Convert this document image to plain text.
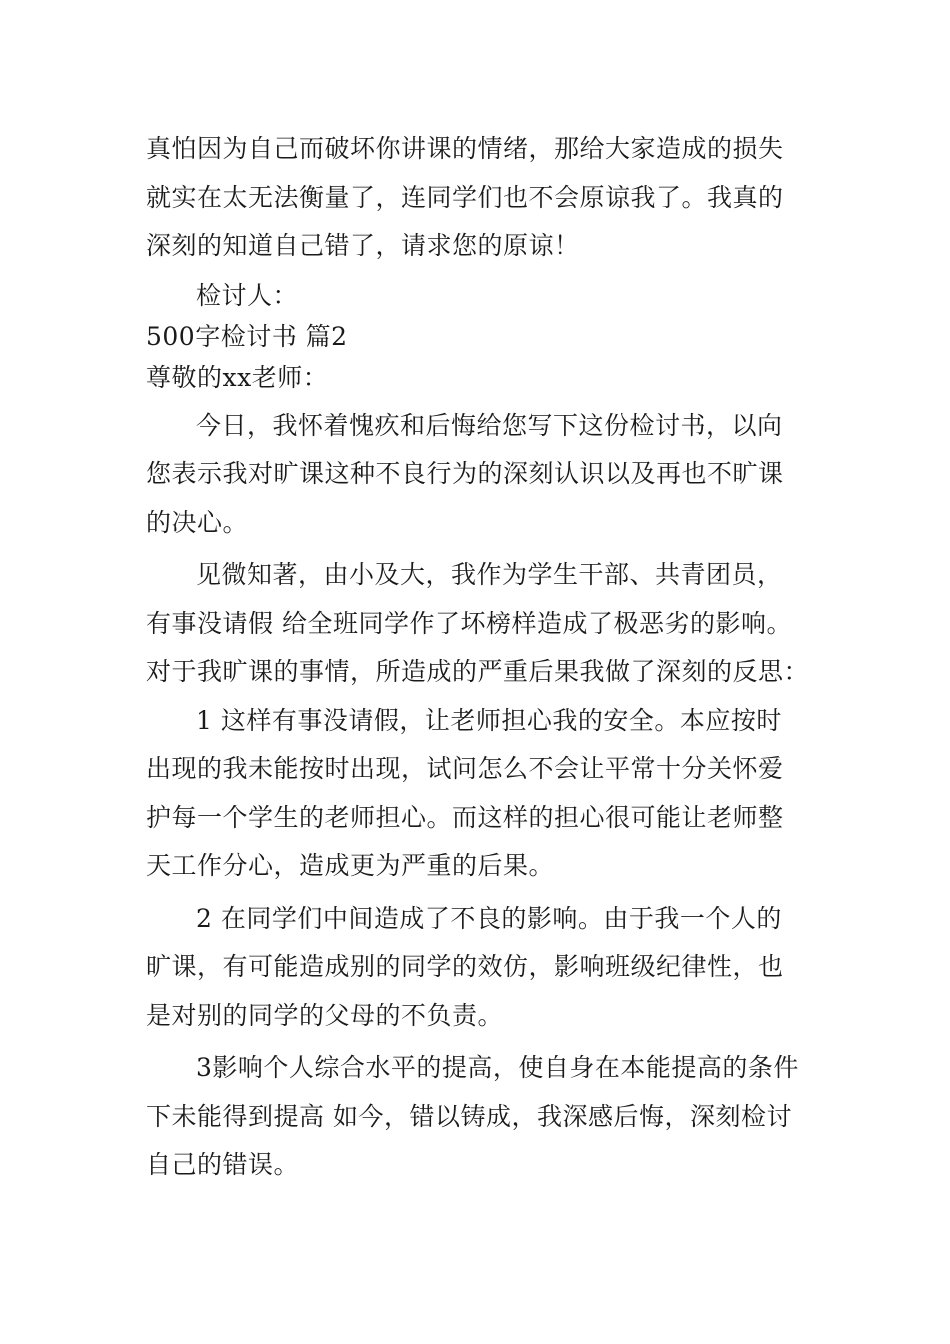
真怕因为自己而破坏你讲课的情绪，那给大家造成的损失
就实在太无法衡量了，连同学们也不会原谅我了。我真的
深刻的知道自己错了，请求您的原谅！
检讨人：
500字检讨书 篇2
尊敬的xx老师：
今日，我怀着愧疚和后悔给您写下这份检讨书，以向
您表示我对旷课这种不良行为的深刻认识以及再也不旷课
的决心。
见微知著，由小及大，我作为学生干部、共青团员，
有事没请假 给全班同学作了坏榜样造成了极恶劣的影响。
对于我旷课的事情，所造成的严重后果我做了深刻的反思：
1 这样有事没请假，让老师担心我的安全。本应按时
出现的我未能按时出现，试问怎么不会让平常十分关怀爱
护每一个学生的老师担心。而这样的担心很可能让老师整
天工作分心，造成更为严重的后果。
2 在同学们中间造成了不良的影响。由于我一个人的
旷课，有可能造成别的同学的效仿，影响班级纪律性，也
是对别的同学的父母的不负责。
3影响个人综合水平的提高，使自身在本能提高的条件
下未能得到提高 如今，错以铸成，我深感后悔，深刻检讨
自己的错误。
